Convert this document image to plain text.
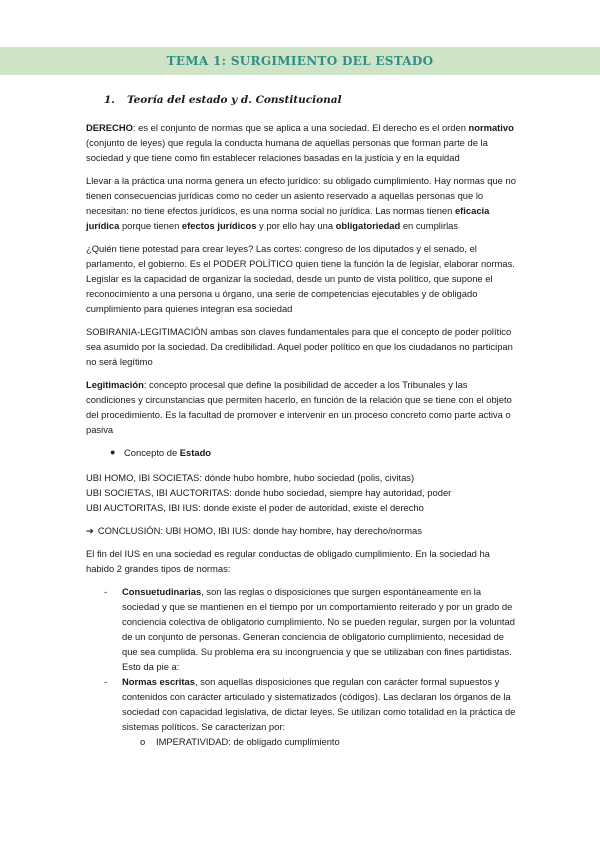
TEMA 1: SURGIMIENTO DEL ESTADO
1. Teoría del estado y d. Constitucional

DERECHO: es el conjunto de normas que se aplica a una sociedad. El derecho es el orden normativo (conjunto de leyes) que regula la conducta humana de aquellas personas que forman parte de la sociedad y que tiene como fin establecer relaciones basadas en la justicia y en la equidad

Llevar a la práctica una norma genera un efecto jurídico: su obligado cumplimiento. Hay normas que no tienen consecuencias jurídicas como no ceder un asiento reservado a aquellas personas que lo necesitan: no tiene efectos jurídicos, es una norma social no jurídica. Las normas tienen eficacia jurídica porque tienen efectos jurídicos y por ello hay una obligatoriedad en cumplirlas

¿Quién tiene potestad para crear leyes? Las cortes: congreso de los diputados y el senado, el parlamento, el gobierno. Es el PODER POLÍTICO quien tiene la función la de legislar, elaborar normas. Legislar es la capacidad de organizar la sociedad, desde un punto de vista político, que supone el reconocimiento a una persona u órgano, una serie de competencias ejecutables y de obligado cumplimiento para quienes integran esa sociedad

SOBIRANIA-LEGITIMACIÓN ambas son claves fundamentales para que el concepto de poder político sea asumido por la sociedad. Da credibilidad. Aquel poder político en que los ciudadanos no participan no será legítimo

Legitimación: concepto procesal que define la posibilidad de acceder a los Tribunales y las condiciones y circunstancias que permiten hacerlo, en función de la relación que se tiene con el objeto del procedimiento. Es la facultad de promover e intervenir en un proceso concreto como parte activa o pasiva

● Concepto de Estado

UBI HOMO, IBI SOCIETAS: dónde hubo hombre, hubo sociedad (polis, civitas)

UBI SOCIETAS, IBI AUCTORITAS: donde hubo sociedad, siempre hay autoridad, poder

UBI AUCTORITAS, IBI IUS: donde existe el poder de autoridad, existe el derecho

➔ CONCLUSIÓN: UBI HOMO, IBI IUS: donde hay hombre, hay derecho/normas

El fin del IUS en una sociedad es regular conductas de obligado cumplimiento. En la sociedad ha habido 2 grandes tipos de normas:

-	Consuetudinarias, son las reglas o disposiciones que surgen espontáneamente en la sociedad y que se mantienen en el tiempo por un comportamiento reiterado y por un grado de conciencia colectiva de obligatorio cumplimiento. No se pueden regular, surgen por la voluntad de un conjunto de personas. Generan conciencia de obligatorio cumplimiento, necesidad de que sea cumplida. Su problema era su incongruencia y que se utilizaban con fines partidistas. Esto da pie a:
-	Normas escritas, son aquellas disposiciones que regulan con carácter formal supuestos y contenidos con carácter articulado y sistematizados (códigos). Las declaran los órganos de la sociedad con capacidad legislativa, de dictar leyes. Se utilizan como totalidad en la práctica de sistemas políticos. Se caracterizan por:
o	IMPERATIVIDAD: de obligado cumplimiento
